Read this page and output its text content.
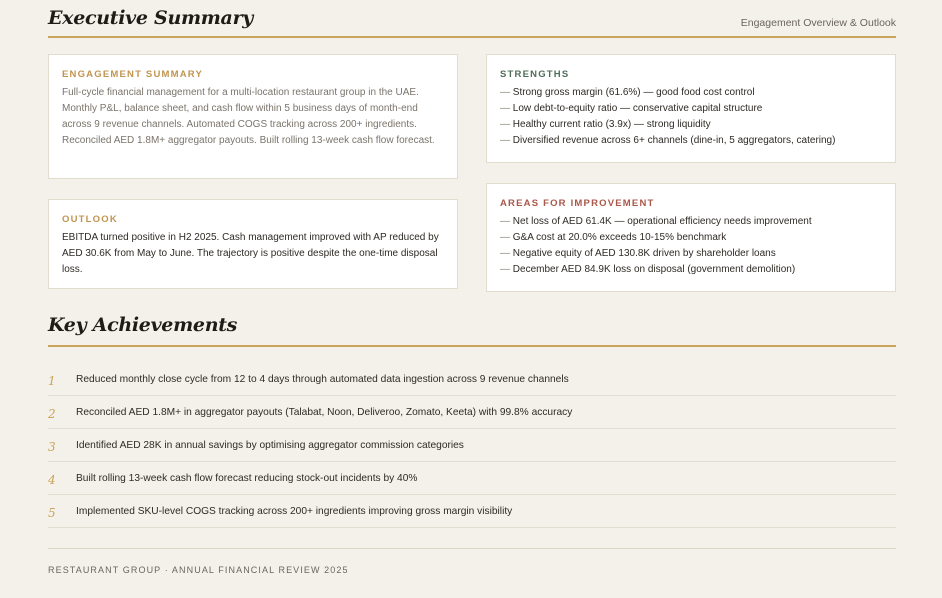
Executive Summary	Engagement Overview & Outlook
ENGAGEMENT SUMMARY
Full-cycle financial management for a multi-location restaurant group in the UAE. Monthly P&L, balance sheet, and cash flow within 5 business days of month-end across 9 revenue channels. Automated COGS tracking across 200+ ingredients. Reconciled AED 1.8M+ aggregator payouts. Built rolling 13-week cash flow forecast.
OUTLOOK
EBITDA turned positive in H2 2025. Cash management improved with AP reduced by AED 30.6K from May to June. The trajectory is positive despite the one-time disposal loss.
STRENGTHS
— Strong gross margin (61.6%) — good food cost control
— Low debt-to-equity ratio — conservative capital structure
— Healthy current ratio (3.9x) — strong liquidity
— Diversified revenue across 6+ channels (dine-in, 5 aggregators, catering)
AREAS FOR IMPROVEMENT
— Net loss of AED 61.4K — operational efficiency needs improvement
— G&A cost at 20.0% exceeds 10-15% benchmark
— Negative equity of AED 130.8K driven by shareholder loans
— December AED 84.9K loss on disposal (government demolition)
Key Achievements
1	Reduced monthly close cycle from 12 to 4 days through automated data ingestion across 9 revenue channels
2	Reconciled AED 1.8M+ in aggregator payouts (Talabat, Noon, Deliveroo, Zomato, Keeta) with 99.8% accuracy
3	Identified AED 28K in annual savings by optimising aggregator commission categories
4	Built rolling 13-week cash flow forecast reducing stock-out incidents by 40%
5	Implemented SKU-level COGS tracking across 200+ ingredients improving gross margin visibility
RESTAURANT GROUP · ANNUAL FINANCIAL REVIEW 2025
